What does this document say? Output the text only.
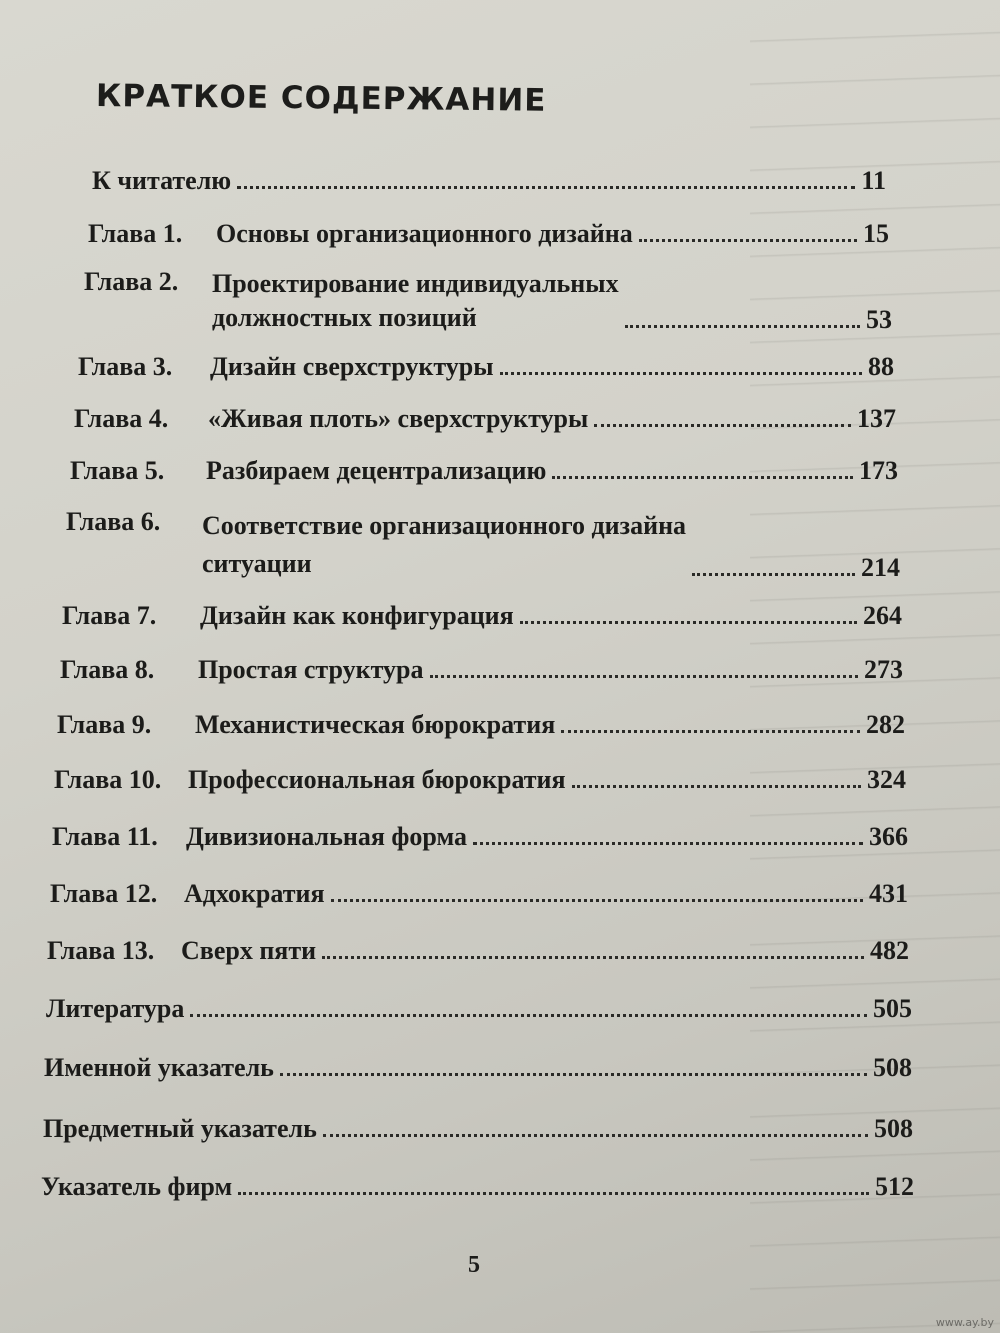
КРАТКОЕ СОДЕРЖАНИЕ
К читателю	11
Глава 1.	Основы организационного дизайна	15
Глава 2.	Проектирование индивидуальных
должностных позиций	53
Глава 3.	Дизайн сверхструктуры	88
Глава 4.	«Живая плоть» сверхструктуры	137
Глава 5.	Разбираем децентрализацию	173
Глава 6.	Соответствие организационного дизайна
ситуации	214
Глава 7.	Дизайн как конфигурация	264
Глава 8.	Простая структура	273
Глава 9.	Механистическая бюрократия	282
Глава 10.	Профессиональная бюрократия	324
Глава 11.	Дивизиональная форма	366
Глава 12.	Адхократия	431
Глава 13.	Сверх пяти	482
Литература	505
Именной указатель	508
Предметный указатель	508
Указатель фирм	512
5
www.ay.by
